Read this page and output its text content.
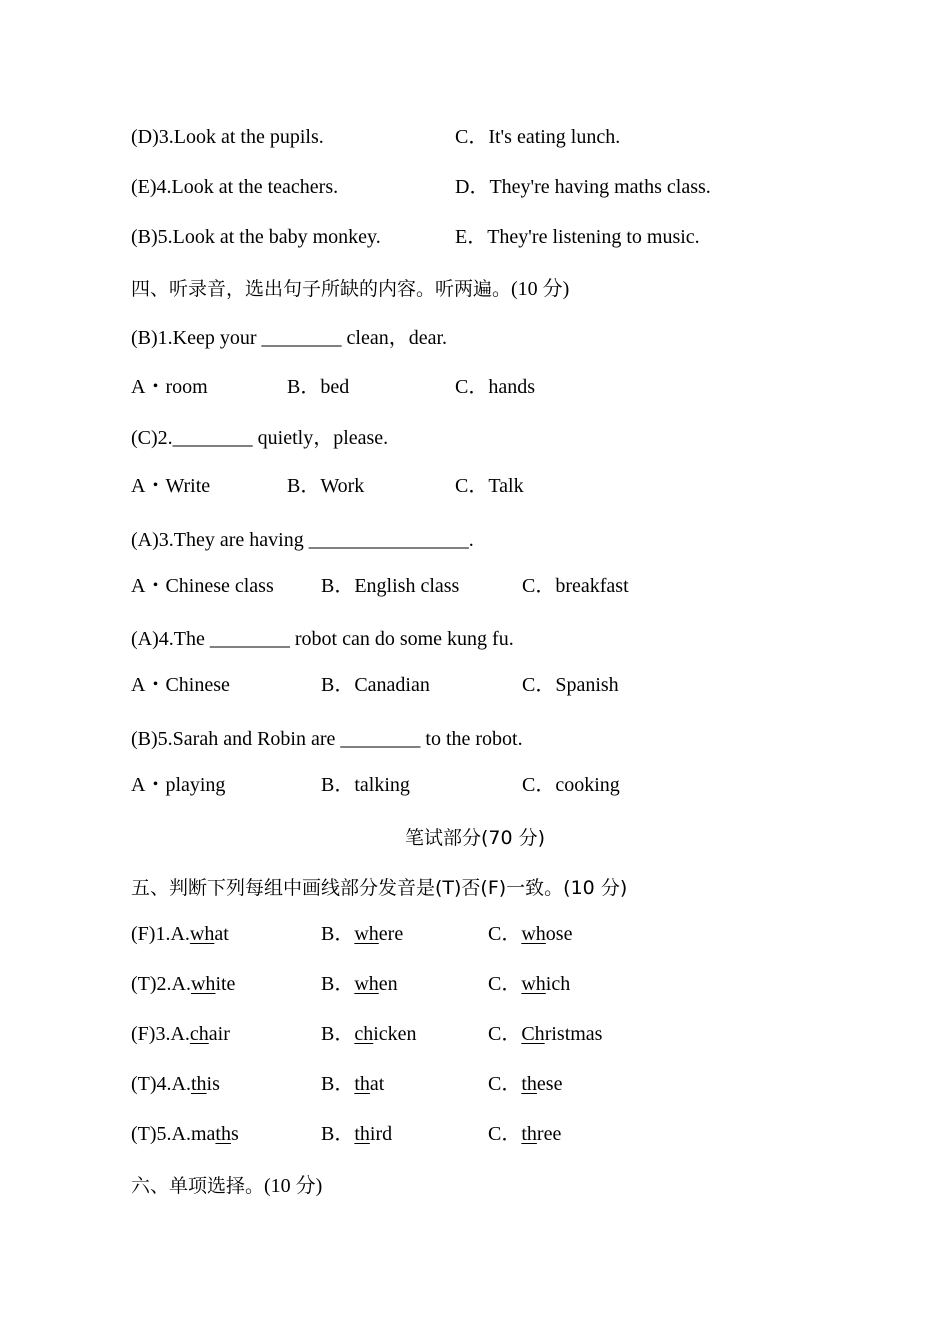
(D)3.Look at the pupils.	C．It's eating lunch.
(E)4.Look at the teachers.	D．They're having maths class.
(B)5.Look at the baby monkey.	E．They're listening to music.
四、听录音，选出句子所缺的内容。听两遍。(10 分)
(B)1.Keep your ________ clean，dear.
A・room	B．bed	C．hands
(C)2.________ quietly，please.
A・Write	B．Work	C．Talk
(A)3.They are having ________________.
A・Chinese class B．English class	C．breakfast
(A)4.The ________ robot can do some kung fu.
A・Chinese	B．Canadian	C．Spanish
(B)5.Sarah and Robin are ________ to the robot.
A・playing	B．talking	C．cooking
笔试部分(70 分)
五、判断下列每组中画线部分发音是(T)否(F)一致。(10 分)
(F)1.A.what	B．where	C．whose
(T)2.A.white	B．when	C．which
(F)3.A.chair	B．chicken	C．Christmas
(T)4.A.this	B．that	C．these
(T)5.A.maths	B．third	C．three
六、单项选择。(10 分)
